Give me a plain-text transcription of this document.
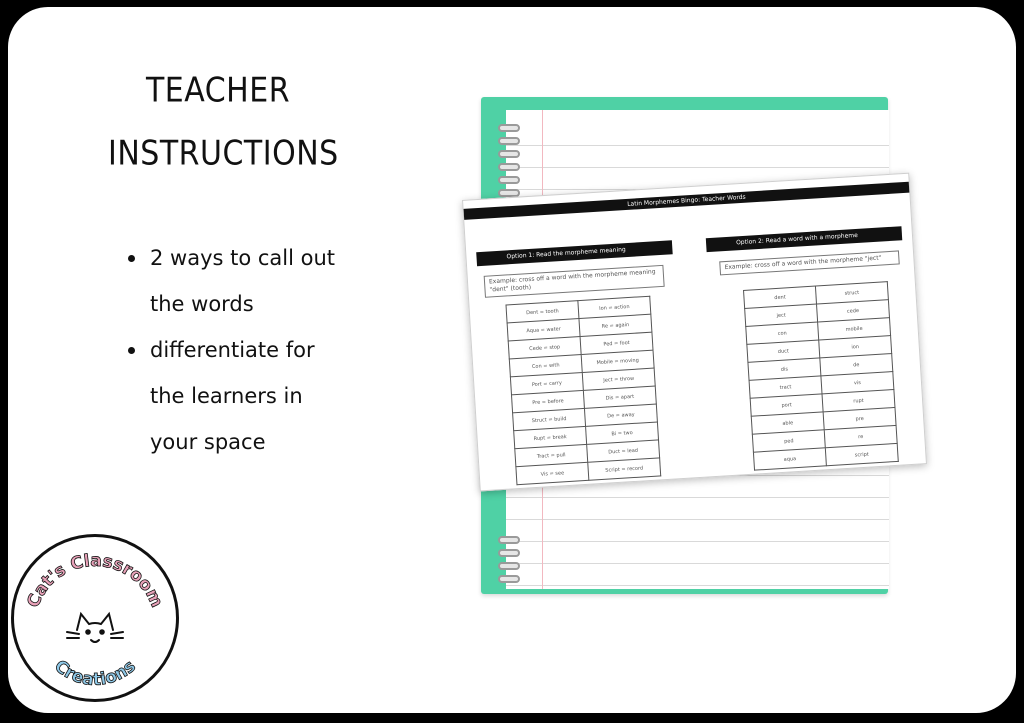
TEACHER
INSTRUCTIONS
2 ways to call out
the words
differentiate for
the learners in
your space
Latin Morphemes Bingo: Teacher Words
Option 1: Read the morpheme meaning
Example: cross off a word with the morpheme meaning "dent" (tooth)
Dent = tooth	Ion = action
Aqua = water	Re = again
Cede = stop	Ped = foot
Con = with	Mobile = moving
Port = carry	Ject = throw
Pre = before	Dis = apart
Struct = build	De = away
Rupt = break	Bi = two
Tract = pull	Duct = lead
Vis = see	Script = record
Option 2: Read a word with a morpheme
Example: cross off a word with the morpheme "ject"
dent	struct
ject	cede
con	mobile
duct	ion
dis	de
tract	vis
port	rupt
able	pre
ped	re
aqua	script
Cat's Classroom
Creations
